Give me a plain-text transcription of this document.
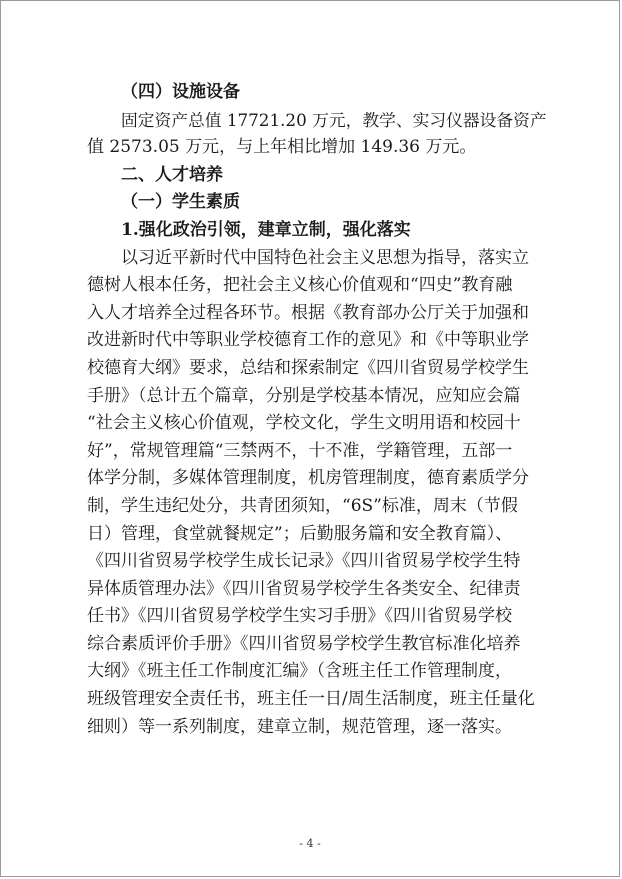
（四）设施设备

固定资产总值 17721.20 万元，教学、实习仪器设备资产

值 2573.05 万元，与上年相比增加 149.36 万元。

二、人才培养

（一）学生素质

1.强化政治引领，建章立制，强化落实

以习近平新时代中国特色社会主义思想为指导，落实立

德树人根本任务，把社会主义核心价值观和“四史”教育融

入人才培养全过程各环节。根据《教育部办公厅关于加强和

改进新时代中等职业学校德育工作的意见》和《中等职业学

校德育大纲》要求，总结和探索制定《四川省贸易学校学生

手册》（总计五个篇章，分别是学校基本情况，应知应会篇

“社会主义核心价值观，学校文化，学生文明用语和校园十

好”，常规管理篇“三禁两不，十不准，学籍管理，五部一

体学分制，多媒体管理制度，机房管理制度，德育素质学分

制，学生违纪处分，共青团须知，“6S”标准，周末（节假

日）管理，食堂就餐规定”；后勤服务篇和安全教育篇）、

《四川省贸易学校学生成长记录》《四川省贸易学校学生特

异体质管理办法》《四川省贸易学校学生各类安全、纪律责

任书》《四川省贸易学校学生实习手册》《四川省贸易学校

综合素质评价手册》《四川省贸易学校学生教官标准化培养

大纲》《班主任工作制度汇编》（含班主任工作管理制度，

班级管理安全责任书，班主任一日/周生活制度，班主任量化

细则）等一系列制度，建章立制，规范管理，逐一落实。

- 4 -
